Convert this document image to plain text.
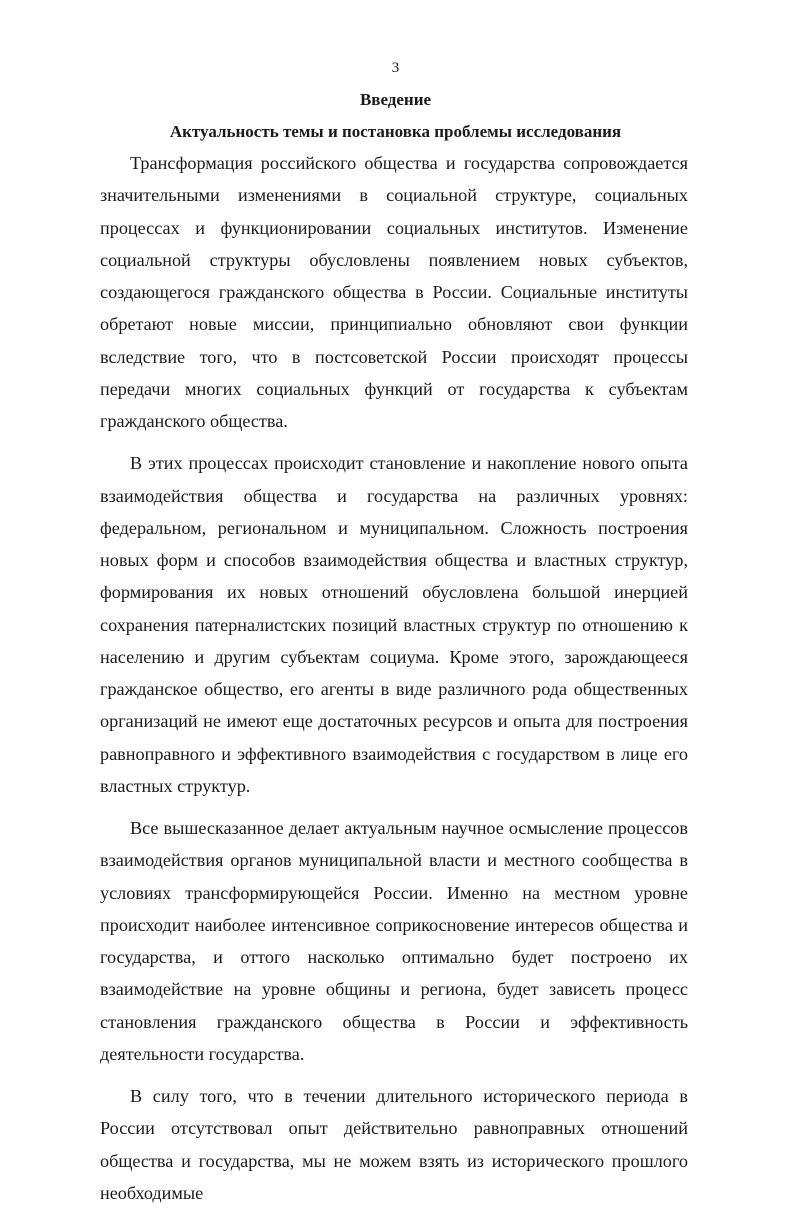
3
Введение
Актуальность темы и постановка проблемы исследования

Трансформация российского общества и государства сопровождается значительными изменениями в социальной структуре, социальных процессах и функционировании социальных институтов. Изменение социальной структуры обусловлены появлением новых субъектов, создающегося гражданского общества в России. Социальные институты обретают новые миссии, принципиально обновляют свои функции вследствие того, что в постсоветской России происходят процессы передачи многих социальных функций от государства к субъектам гражданского общества.

В этих процессах происходит становление и накопление нового опыта взаимодействия общества и государства на различных уровнях: федеральном, региональном и муниципальном. Сложность построения новых форм и способов взаимодействия общества и властных структур, формирования их новых отношений обусловлена большой инерцией сохранения патерналистских позиций властных структур по отношению к населению и другим субъектам социума. Кроме этого, зарождающееся гражданское общество, его агенты в виде различного рода общественных организаций не имеют еще достаточных ресурсов и опыта для построения равноправного и эффективного взаимодействия с государством в лице его властных структур.

Все вышесказанное делает актуальным научное осмысление процессов взаимодействия органов муниципальной власти и местного сообщества в условиях трансформирующейся России. Именно на местном уровне происходит наиболее интенсивное соприкосновение интересов общества и государства, и оттого насколько оптимально будет построено их взаимодействие на уровне общины и региона, будет зависеть процесс становления гражданского общества в России и эффективность деятельности государства.

В силу того, что в течении длительного исторического периода в России отсутствовал опыт действительно равноправных отношений общества и государства, мы не можем взять из исторического прошлого необходимые
